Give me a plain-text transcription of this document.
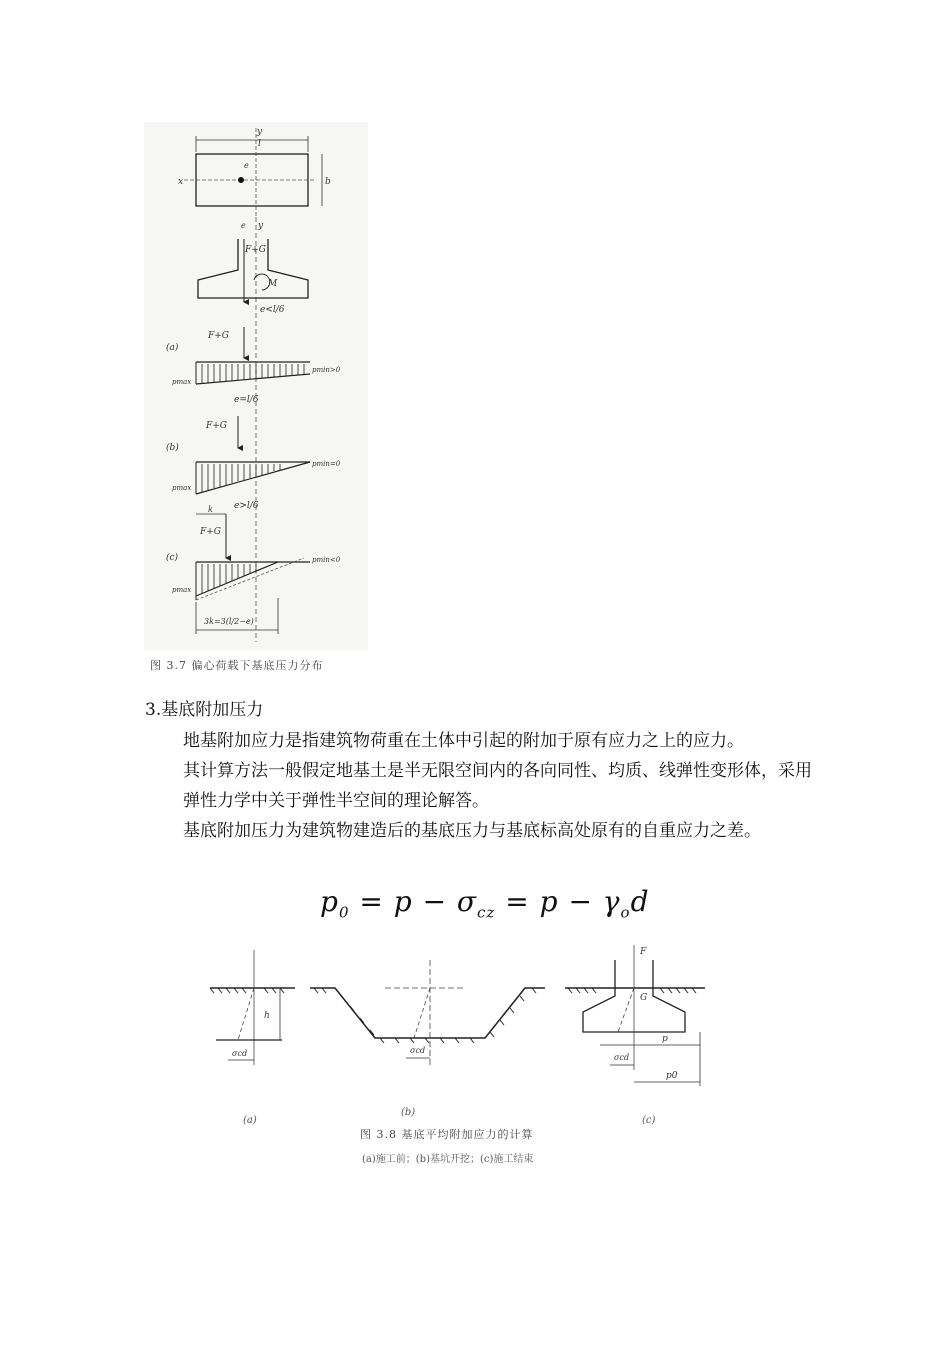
y
l
x
e
b
e y
F+G
M
e<l/6
F+G
(a)
pmax
pmin>0
e=l/6
F+G
(b)
pmax
pmin=0
k e>l/6
F+G
(c)
pmax
pmin<0
3k=3(l/2−e)
图 3.7 偏心荷载下基底压力分布
3.基底附加压力
地基附加应力是指建筑物荷重在土体中引起的附加于原有应力之上的应力。
其计算方法一般假定地基土是半无限空间内的各向同性、均质、线弹性变形体，采用弹性力学中关于弹性半空间的理论解答。
基底附加压力为建筑物建造后的基底压力与基底标高处原有的自重应力之差。
$p_0 = p - \sigma_{cz} = p - \gamma_od$
h
σcd	σcd
F
G
p
σcd
p0
(a)
(b)
(c)
图 3.8 基底平均附加应力的计算
(a)施工前；(b)基坑开挖；(c)施工结束
